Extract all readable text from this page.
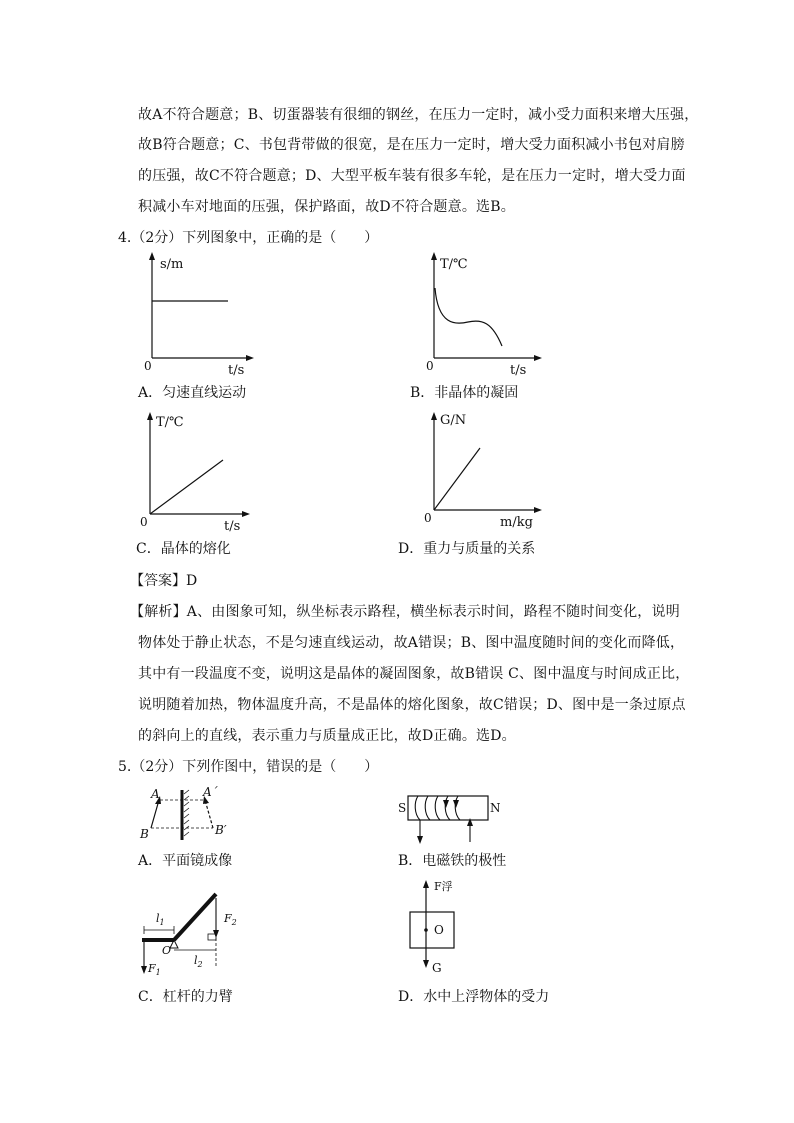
故A不符合题意；B、切蛋器装有很细的钢丝，在压力一定时，减小受力面积来增大压强，
故B符合题意；C、书包背带做的很宽，是在压力一定时，增大受力面积减小书包对肩膀
的压强，故C不符合题意；D、大型平板车装有很多车轮，是在压力一定时，增大受力面
积减小车对地面的压强，保护路面，故D不符合题意。选B。
4.（2分）下列图象中，正确的是（　　）
s/m
t/s
0
A．匀速直线运动
T/℃
t/s
0
B．非晶体的凝固
T/℃
t/s
0
C．晶体的熔化
G/N
m/kg
0
D．重力与质量的关系
【答案】D
【解析】A、由图象可知，纵坐标表示路程，横坐标表示时间，路程不随时间变化，说明
物体处于静止状态，不是匀速直线运动，故A错误；B、图中温度随时间的变化而降低，
其中有一段温度不变，说明这是晶体的凝固图象，故B错误 C、图中温度与时间成正比，
说明随着加热，物体温度升高，不是晶体的熔化图象，故C错误；D、图中是一条过原点
的斜向上的直线，表示重力与质量成正比，故D正确。选D。
5.（2分）下列作图中，错误的是（　　）
A	A´
B	B′
A．平面镜成像
S	N
B．电磁铁的极性
$l_1$
$l_2$
$F_1$
$F_2$
O
C．杠杆的力臂
F浮
O
G
D．水中上浮物体的受力
